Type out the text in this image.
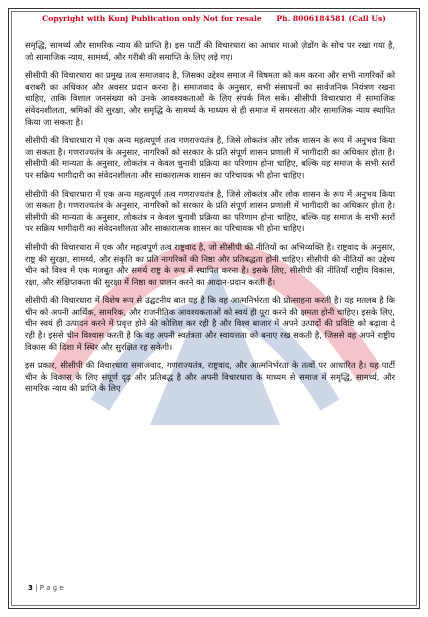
Copyright with Kunj Publication only Not for resale Ph. 8006184581 (Call Us)

समृद्धि, सामर्थ्य और सामरिक न्याय की प्राप्ति है। इस पार्टी की विचारधारा का आधार माओ ज़ेडोंग के सोच पर रखा गया है, जो सामाजिक न्याय, सामर्थ्य, और गरीबी की समाप्ति के लिए लड़े गए।

सीसीपी की विचारधारा का प्रमुख तत्व समाजवाद है, जिसका उद्देश्य समाज में विषमता को कम करना और सभी नागरिकों को बराबरी का अधिकार और अवसर प्रदान करना है। समाजवाद के अनुसार, सभी संसाधनों का सार्वजनिक नियंत्रण रखना चाहिए, ताकि विशाल जनसंख्या को उनके आवश्यकताओं के लिए संपर्क मिल सके। सीसीपी विचारधारा में सामाजिक संवेदनशीलता, श्रमिकों की सुरक्षा, और समृद्धि के सामर्थ्य के माध्यम से ही समाज में समरसता और सामाजिक न्याय स्थापित किया जा सकता है।

सीसीपी की विचारधारा में एक अन्य महत्वपूर्ण तत्व गणराज्यतंत्र है, जिसे लोकतंत्र और लोक शासन के रूप में अनुभव किया जा सकता है। गणराज्यतंत्र के अनुसार, नागरिकों को सरकार के प्रति संपूर्ण शासन प्रणाली में भागीदारी का अधिकार होता है। सीसीपी की मान्यता के अनुसार, लोकतंत्र न केवल चुनावी प्रक्रिया का परिणाम होना चाहिए, बल्कि यह समाज के सभी स्तरों पर सक्रिय भागीदारी का संवेदनशीलता और साकारात्मक शासन का परिचायक भी होना चाहिए।

सीसीपी की विचारधारा में एक अन्य महत्वपूर्ण तत्व गणराज्यतंत्र है, जिसे लोकतंत्र और लोक शासन के रूप में अनुभव किया जा सकता है। गणराज्यतंत्र के अनुसार, नागरिकों को सरकार के प्रति संपूर्ण शासन प्रणाली में भागीदारी का अधिकार होता है। सीसीपी की मान्यता के अनुसार, लोकतंत्र न केवल चुनावी प्रक्रिया का परिणाम होना चाहिए, बल्कि यह समाज के सभी स्तरों पर सक्रिय भागीदारी का संवेदनशीलता और साकारात्मक शासन का परिचायक भी होना चाहिए।

सीसीपी की विचारधारा में एक और महत्वपूर्ण तत्व राष्ट्रवाद है, जो सीसीपी की नीतियों का अभिव्यक्ति है। राष्ट्रवाद के अनुसार, राष्ट्र की सुरक्षा, सामर्थ्य, और संकृति का प्रति नागरिकों की निष्ठा और प्रतिबद्धता होनी चाहिए। सीसीपी की नीतियों का उद्देश्य चीन को विश्व में एक मजबूत और समर्थ राष्ट्र के रूप में स्थापित करना है। इसके लिए, सीसीपी की नीतियाँ राष्ट्रीय विकास, रक्षा, और संक्षिप्तकता की सुरक्षा में निष्ठा का पालन करने का आदान-प्रदान करती हैं।

सीसीपी की विचारधारा में विशेष रूप से उद्घटनीय बात यह है कि वह आत्मनिर्भरता की प्रोत्साहना करती है। यह मतलब है कि चीन को अपनी आर्थिक, सामरिक, और राजनीतिक आवश्यकताओं को स्वयं ही पूरा करने की क्षमता होनी चाहिए। इसके लिए, चीन स्वयं ही उत्पादन करने में प्रवृत्त होने की कोशिश कर रही है और विश्व बाजार में अपने उत्पादों की प्रविष्टि को बढ़ावा दे रही है। इससे चीन विश्वास करती है कि वह अपनी स्वतंत्रता और स्वायत्तता को बनाए रख सकती है, जिससे वह अपने राष्ट्रीय विकास की दिशा में स्थिर और सुरक्षित रह सकेगी।

इस प्रकार, सीसीपी की विचारधारा समाजवाद, गणराज्यतंत्र, राष्ट्रवाद, और आत्मनिर्भरता के तत्वों पर आधारित है। यह पार्टी चीन के विकास के लिए संपूर्ण दृढ़ और प्रतिबद्ध है और अपनी विचारधारा के माध्यम से समाज में समृद्धि, सामर्थ्य, और सामरिक न्याय की प्राप्ति के लिए

3 | P a g e
